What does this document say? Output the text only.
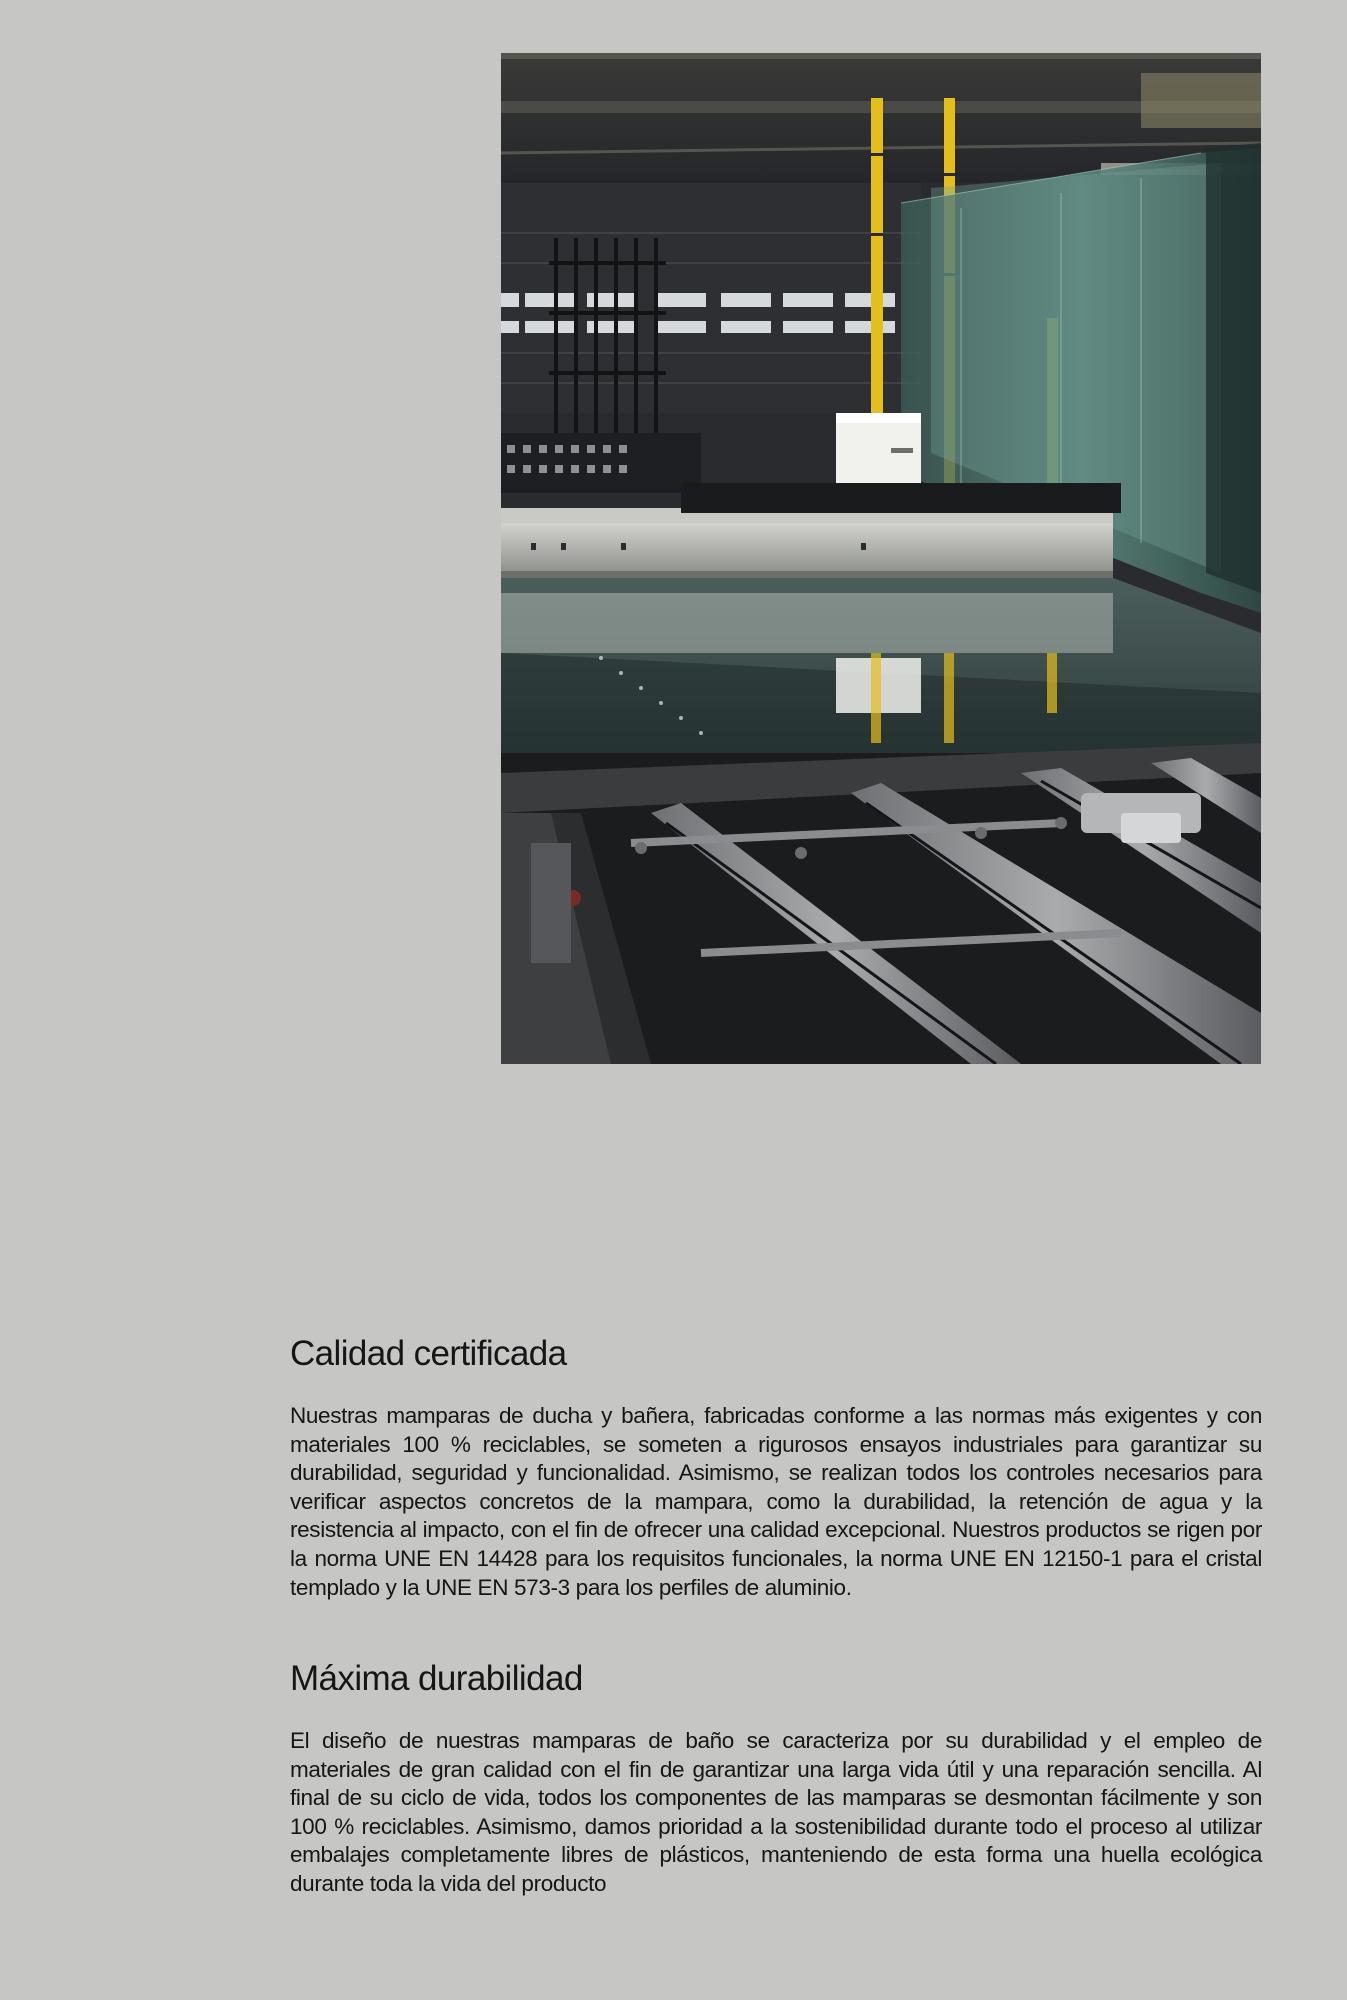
Calidad certificada

Nuestras mamparas de ducha y bañera, fabricadas conforme a las normas más exigentes y con materiales 100 % reciclables, se someten a rigurosos ensayos industriales para garantizar su durabilidad, seguridad y funcionalidad. Asimismo, se realizan todos los controles necesarios para verificar aspectos concretos de la mampara, como la durabilidad, la retención de agua y la resistencia al impacto, con el fin de ofrecer una calidad excepcional. Nuestros productos se rigen por la norma UNE EN 14428 para los requisitos funcionales, la norma UNE EN 12150-1 para el cristal templado y la UNE EN 573-3 para los perfiles de aluminio.

Máxima durabilidad

El diseño de nuestras mamparas de baño se caracteriza por su durabilidad y el empleo de materiales de gran calidad con el fin de garantizar una larga vida útil y una reparación sencilla. Al final de su ciclo de vida, todos los componentes de las mamparas se desmontan fácilmente y son 100 % reciclables. Asimismo, damos prioridad a la sostenibilidad durante todo el proceso al utilizar embalajes completamente libres de plásticos, manteniendo de esta forma una huella ecológica durante toda la vida del producto
